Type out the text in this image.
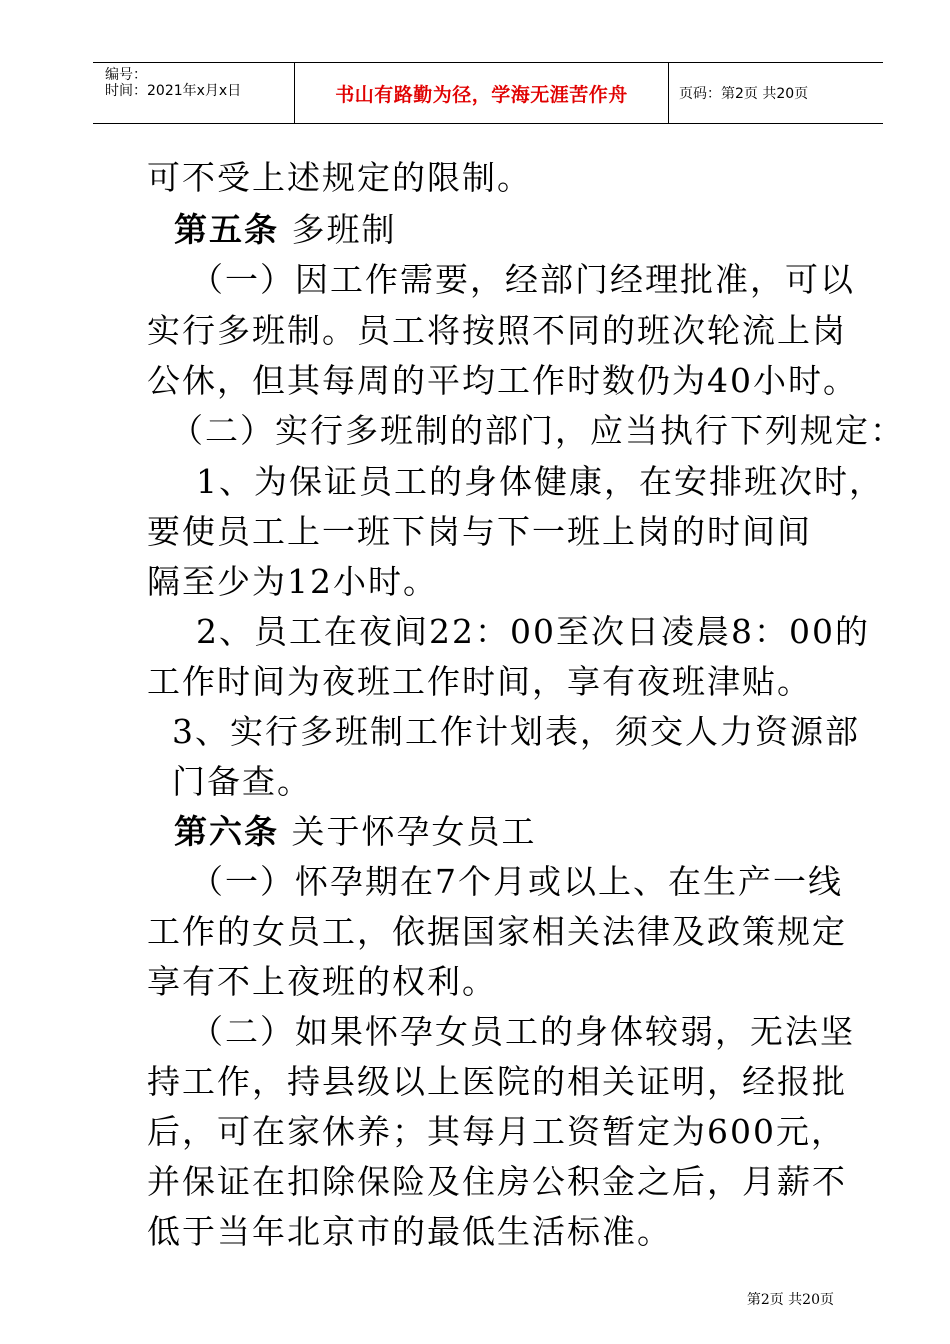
编号：
时间：2021年x月x日	书山有路勤为径，学海无涯苦作舟	页码：第2页 共20页
可不受上述规定的限制。
第五条 多班制
（一）因工作需要，经部门经理批准，可以
实行多班制。员工将按照不同的班次轮流上岗
公休，但其每周的平均工作时数仍为40小时。
（二）实行多班制的部门，应当执行下列规定：
1、为保证员工的身体健康，在安排班次时，
要使员工上一班下岗与下一班上岗的时间间
隔至少为12小时。
2、员工在夜间22：00至次日凌晨8：00的
工作时间为夜班工作时间，享有夜班津贴。
3、实行多班制工作计划表，须交人力资源部
门备查。
第六条 关于怀孕女员工
（一）怀孕期在7个月或以上、在生产一线
工作的女员工，依据国家相关法律及政策规定
享有不上夜班的权利。
（二）如果怀孕女员工的身体较弱，无法坚
持工作，持县级以上医院的相关证明，经报批
后，可在家休养；其每月工资暂定为600元，
并保证在扣除保险及住房公积金之后，月薪不
低于当年北京市的最低生活标准。
第2页 共20页
